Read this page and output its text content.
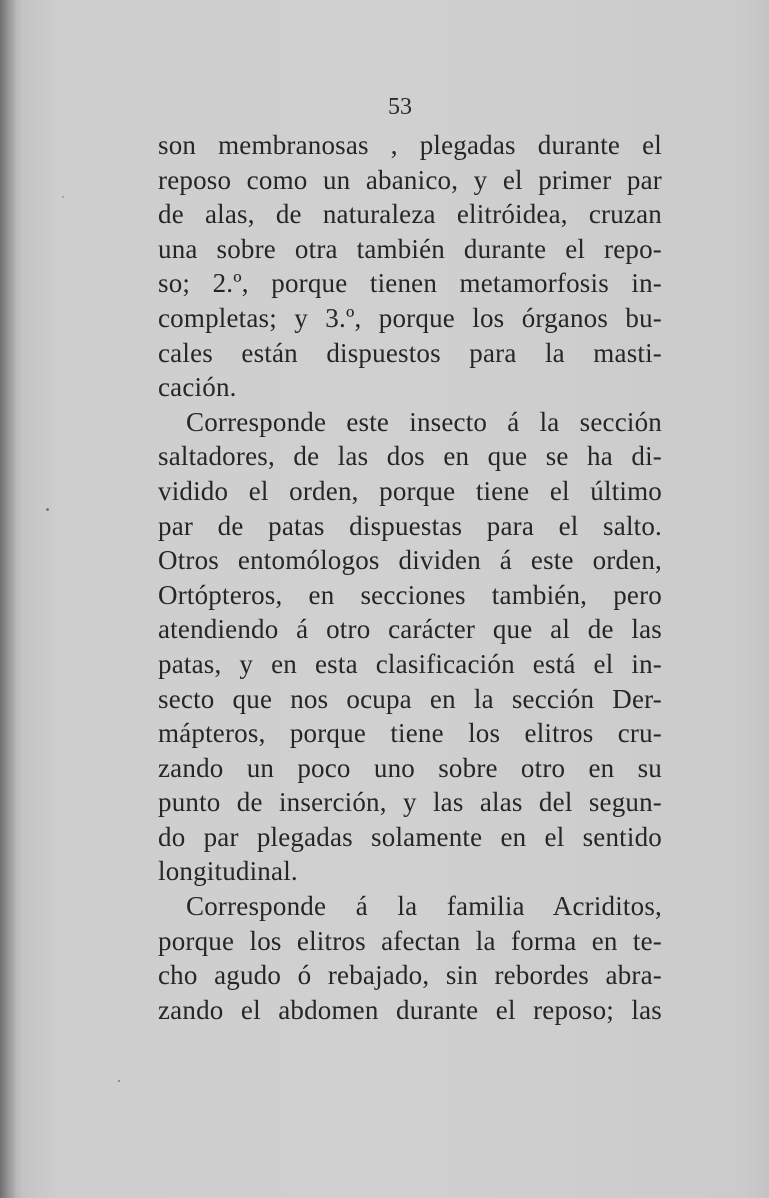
53
son membranosas , plegadas durante el
reposo como un abanico, y el primer par
de alas, de naturaleza elitróidea, cruzan
una sobre otra también durante el repo-
so; 2.º, porque tienen metamorfosis in-
completas; y 3.º, porque los órganos bu-
cales están dispuestos para la masti-
cación.
Corresponde este insecto á la sección
saltadores, de las dos en que se ha di-
vidido el orden, porque tiene el último
par de patas dispuestas para el salto.
Otros entomólogos dividen á este orden,
Ortópteros, en secciones también, pero
atendiendo á otro carácter que al de las
patas, y en esta clasificación está el in-
secto que nos ocupa en la sección Der-
mápteros, porque tiene los elitros cru-
zando un poco uno sobre otro en su
punto de inserción, y las alas del segun-
do par plegadas solamente en el sentido
longitudinal.
Corresponde á la familia Acriditos,
porque los elitros afectan la forma en te-
cho agudo ó rebajado, sin rebordes abra-
zando el abdomen durante el reposo; las
